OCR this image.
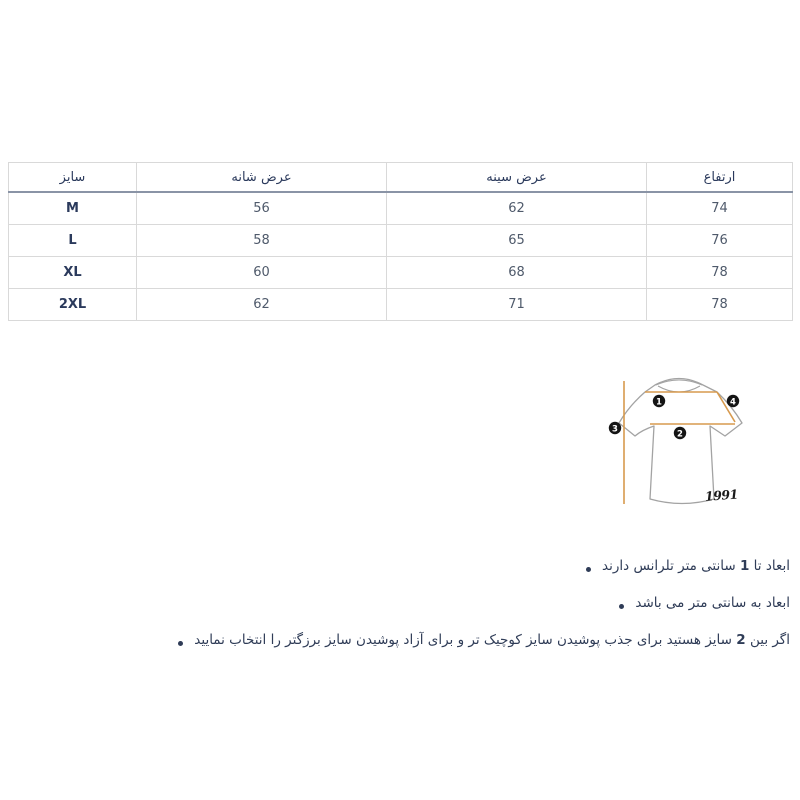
سایز	عرض شانه	عرض سینه	ارتفاع
M	56	62	74
L	58	65	76
XL	60	68	78
2XL	62	71	78
1
2
3
4
1991
ابعاد تا 1 سانتی متر تلرانس دارند
ابعاد به سانتی متر می باشد
اگر بین 2 سایز هستید برای جذب پوشیدن سایز کوچیک تر و برای آزاد پوشیدن سایز برزگتر را انتخاب نمایید
